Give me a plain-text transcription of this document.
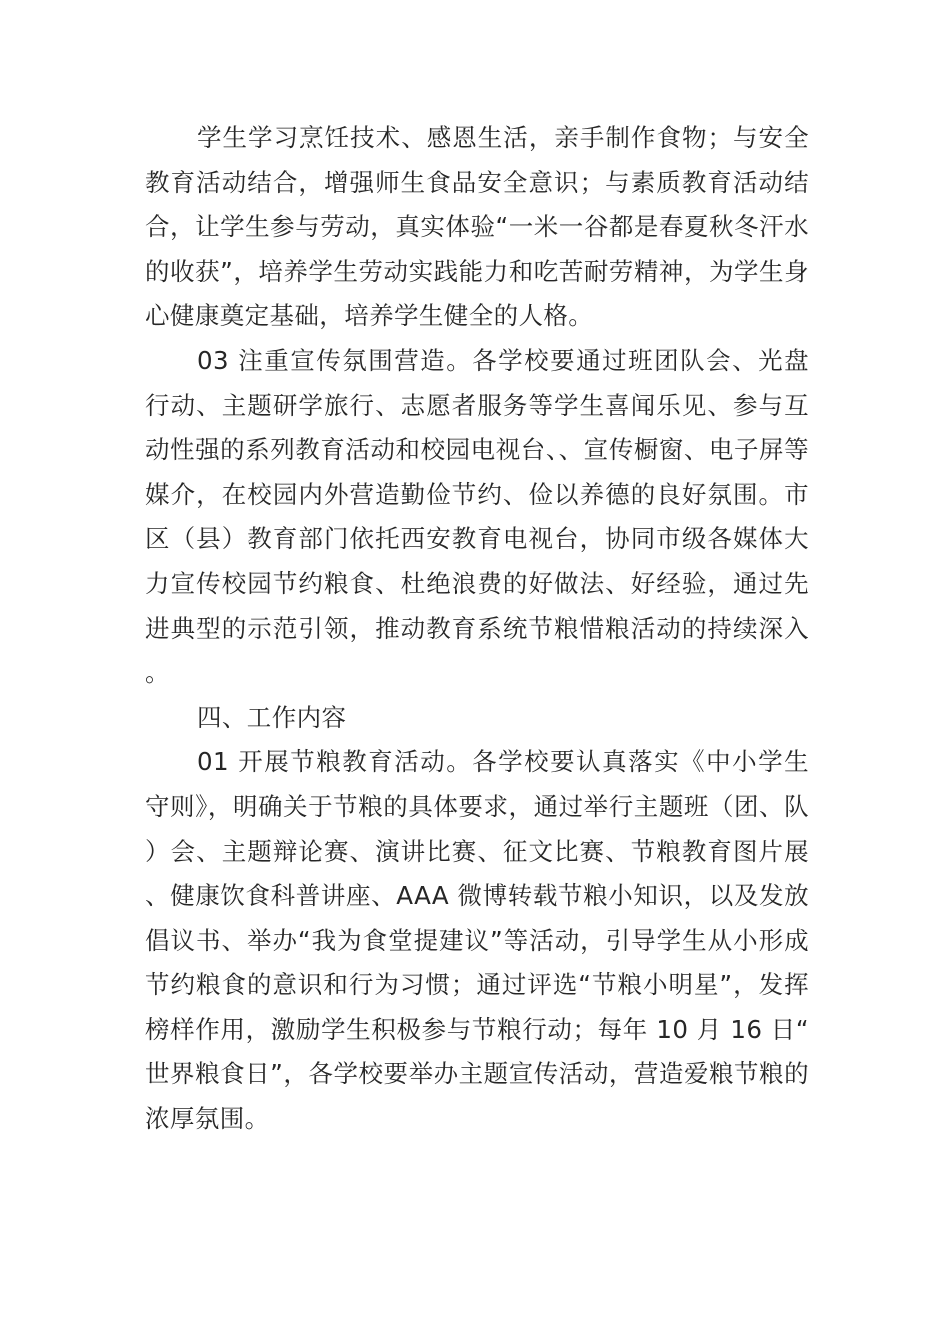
学生学习烹饪技术、感恩生活，亲手制作食物；与安全教育活动结合，增强师生食品安全意识；与素质教育活动结合，让学生参与劳动，真实体验“一米一谷都是春夏秋冬汗水的收获”，培养学生劳动实践能力和吃苦耐劳精神，为学生身心健康奠定基础，培养学生健全的人格。

03 注重宣传氛围营造。各学校要通过班团队会、光盘行动、主题研学旅行、志愿者服务等学生喜闻乐见、参与互动性强的系列教育活动和校园电视台、、宣传橱窗、电子屏等媒介，在校园内外营造勤俭节约、俭以养德的良好氛围。市区（县）教育部门依托西安教育电视台，协同市级各媒体大力宣传校园节约粮食、杜绝浪费的好做法、好经验，通过先进典型的示范引领，推动教育系统节粮惜粮活动的持续深入。

四、工作内容

01 开展节粮教育活动。各学校要认真落实《中小学生守则》，明确关于节粮的具体要求，通过举行主题班（团、队）会、主题辩论赛、演讲比赛、征文比赛、节粮教育图片展、健康饮食科普讲座、AAA 微博转载节粮小知识，以及发放倡议书、举办“我为食堂提建议”等活动，引导学生从小形成节约粮食的意识和行为习惯；通过评选“节粮小明星”，发挥榜样作用，激励学生积极参与节粮行动；每年 10 月 16 日“世界粮食日”，各学校要举办主题宣传活动，营造爱粮节粮的浓厚氛围。
